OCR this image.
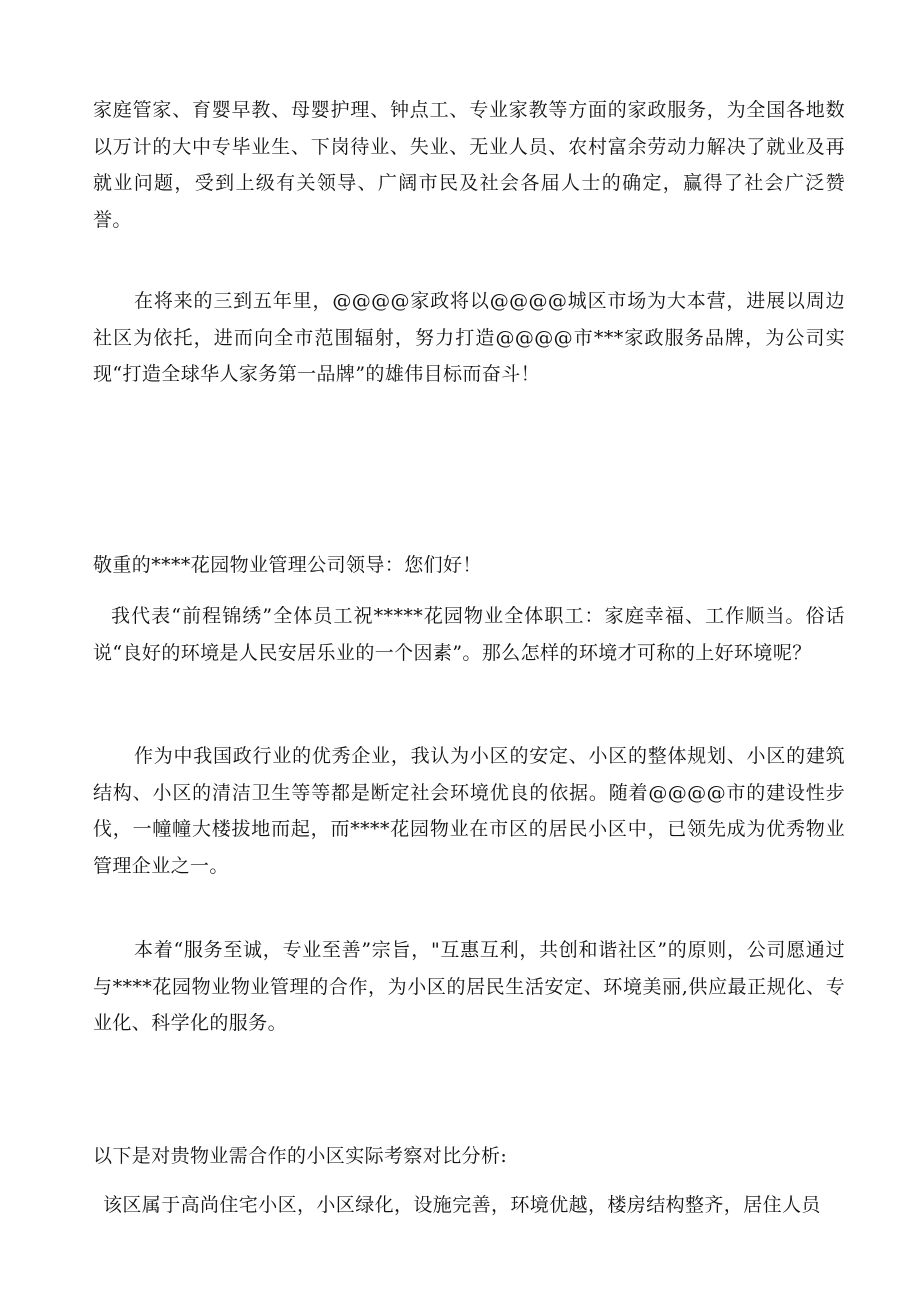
家庭管家、育婴早教、母婴护理、钟点工、专业家教等方面的家政服务，为全国各地数以万计的大中专毕业生、下岗待业、失业、无业人员、农村富余劳动力解决了就业及再就业问题，受到上级有关领导、广阔市民及社会各届人士的确定，赢得了社会广泛赞誉。

在将来的三到五年里，@@@@家政将以@@@@城区市场为大本营，进展以周边社区为依托，进而向全市范围辐射，努力打造@@@@市***家政服务品牌，为公司实现“打造全球华人家务第一品牌”的雄伟目标而奋斗！

敬重的****花园物业管理公司领导：您们好！

我代表“前程锦绣”全体员工祝*****花园物业全体职工：家庭幸福、工作顺当。俗话说“良好的环境是人民安居乐业的一个因素”。那么怎样的环境才可称的上好环境呢？

作为中我国政行业的优秀企业，我认为小区的安定、小区的整体规划、小区的建筑结构、小区的清洁卫生等等都是断定社会环境优良的依据。随着@@@@市的建设性步伐，一幢幢大楼拔地而起，而****花园物业在市区的居民小区中，已领先成为优秀物业管理企业之一。

本着“服务至诚，专业至善”宗旨，"互惠互利，共创和谐社区”的原则，公司愿通过与****花园物业物业管理的合作，为小区的居民生活安定、环境美丽,供应最正规化、专业化、科学化的服务。

以下是对贵物业需合作的小区实际考察对比分析:

该区属于高尚住宅小区，小区绿化，设施完善，环境优越，楼房结构整齐，居住人员
